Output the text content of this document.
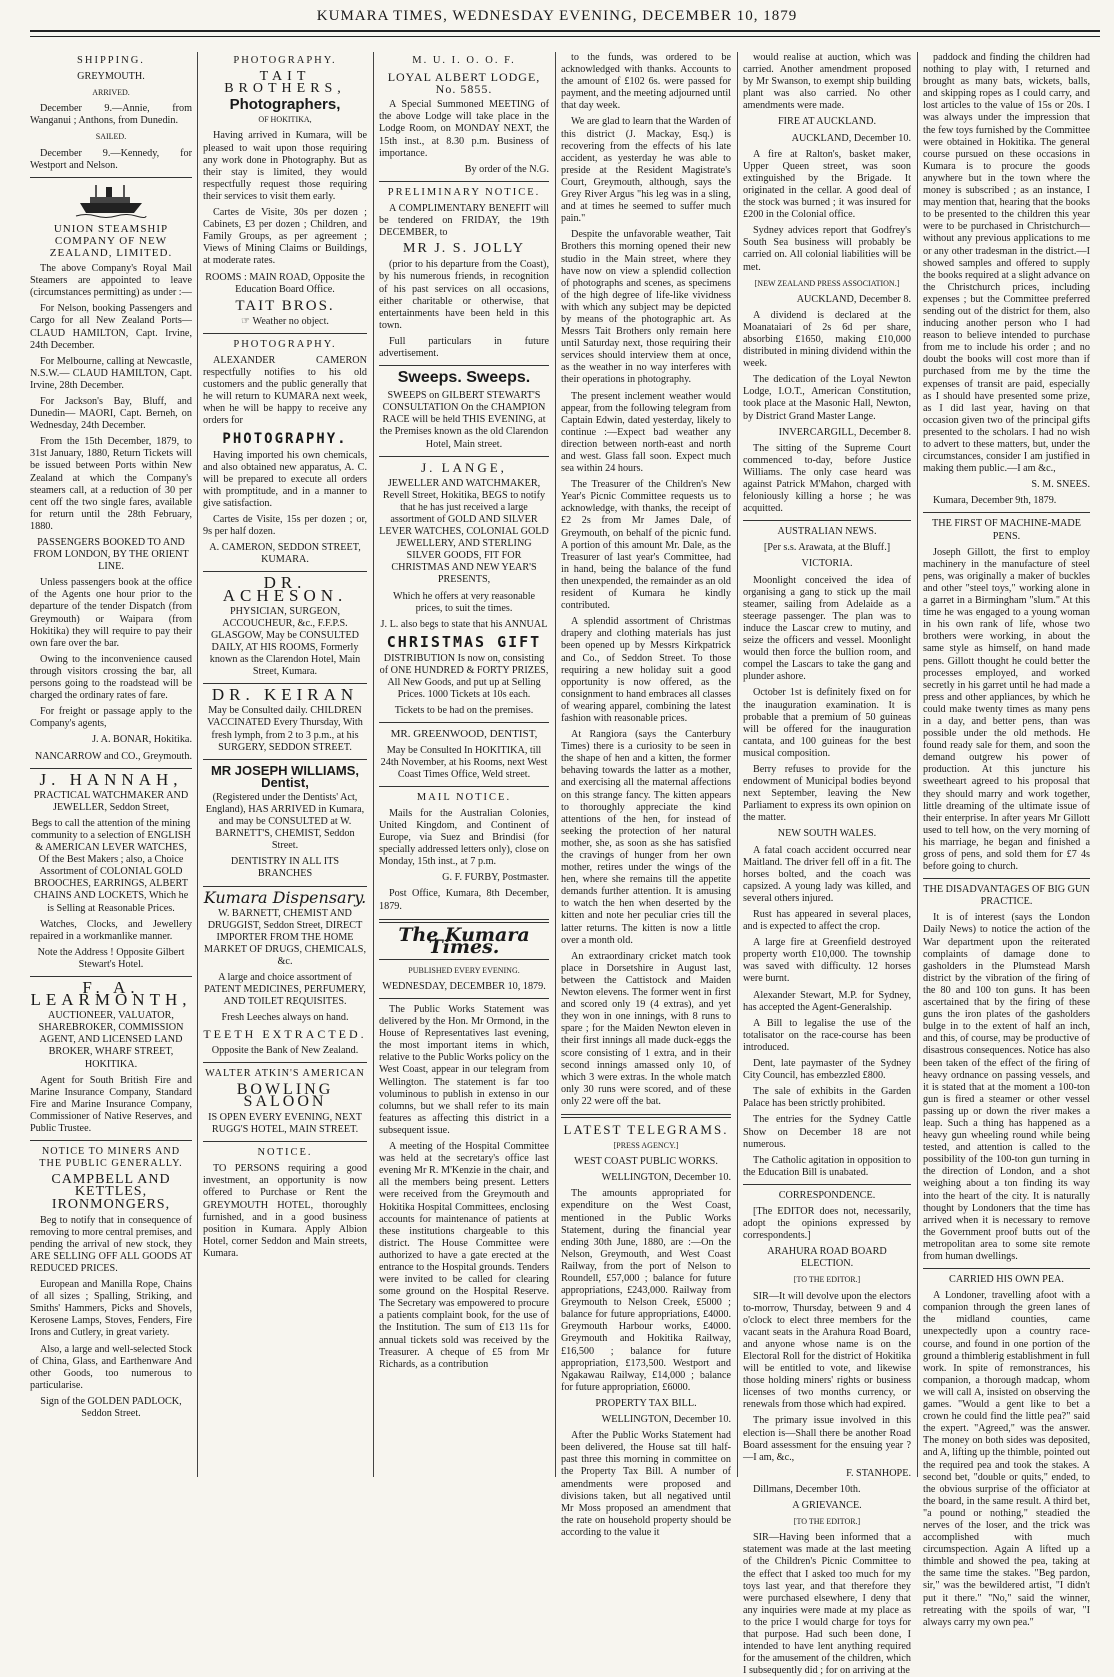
KUMARA TIMES, WEDNESDAY EVENING, DECEMBER 10, 1879
SHIPPING.

GREYMOUTH.

ARRIVED.

December 9.—Annie, from Wanganui ; Anthons, from Dunedin.

SAILED.

December 9.—Kennedy, for Westport and Nelson.

UNION STEAMSHIP COMPANY OF NEW ZEALAND, LIMITED.

The above Company's Royal Mail Steamers are appointed to leave (circumstances permitting) as under :—

For Nelson, booking Passengers and Cargo for all New Zealand Ports— CLAUD HAMILTON, Capt. Irvine, 24th December.

For Melbourne, calling at Newcastle, N.S.W.— CLAUD HAMILTON, Capt. Irvine, 28th December.

For Jackson's Bay, Bluff, and Dunedin— MAORI, Capt. Berneh, on Wednesday, 24th December.

From the 15th December, 1879, to 31st January, 1880, Return Tickets will be issued between Ports within New Zealand at which the Company's steamers call, at a reduction of 30 per cent off the two single fares, available for return until the 28th February, 1880.

PASSENGERS BOOKED TO AND FROM LONDON, BY THE ORIENT LINE.

Unless passengers book at the office of the Agents one hour prior to the departure of the tender Dispatch (from Greymouth) or Waipara (from Hokitika) they will require to pay their own fare over the bar.

Owing to the inconvenience caused through visitors crossing the bar, all persons going to the roadstead will be charged the ordinary rates of fare.

For freight or passage apply to the Company's agents,

J. A. BONAR, Hokitika.

NANCARROW and CO., Greymouth.

J. HANNAH,

PRACTICAL WATCHMAKER AND JEWELLER, Seddon Street,

Begs to call the attention of the mining community to a selection of ENGLISH & AMERICAN LEVER WATCHES, Of the Best Makers ; also, a Choice Assortment of COLONIAL GOLD BROOCHES, EARRINGS, ALBERT CHAINS AND LOCKETS, Which he is Selling at Reasonable Prices.

Watches, Clocks, and Jewellery repaired in a workmanlike manner.

Note the Address ! Opposite Gilbert Stewart's Hotel.

F. A. LEARMONTH,

AUCTIONEER, VALUATOR, SHAREBROKER, COMMISSION AGENT, AND LICENSED LAND BROKER, WHARF STREET, HOKITIKA.

Agent for South British Fire and Marine Insurance Company, Standard Fire and Marine Insurance Company, Commissioner of Native Reserves, and Public Trustee.

NOTICE TO MINERS AND THE PUBLIC GENERALLY.

CAMPBELL AND KETTLES, IRONMONGERS,

Beg to notify that in consequence of removing to more central premises, and pending the arrival of new stock, they ARE SELLING OFF ALL GOODS AT REDUCED PRICES.

European and Manilla Rope, Chains of all sizes ; Spalling, Striking, and Smiths' Hammers, Picks and Shovels, Kerosene Lamps, Stoves, Fenders, Fire Irons and Cutlery, in great variety.

Also, a large and well-selected Stock of China, Glass, and Earthenware And other Goods, too numerous to particularise.

Sign of the GOLDEN PADLOCK, Seddon Street.

PHOTOGRAPHY.
TAIT BROTHERS,
Photographers,

OF HOKITIKA,

Having arrived in Kumara, will be pleased to wait upon those requiring any work done in Photography. But as their stay is limited, they would respectfully request those requiring their services to visit them early.

Cartes de Visite, 30s per dozen ; Cabinets, £3 per dozen ; Children, and Family Groups, as per agreement ; Views of Mining Claims or Buildings, at moderate rates.

ROOMS : MAIN ROAD, Opposite the Education Board Office.

TAIT BROS.

☞ Weather no object.

PHOTOGRAPHY.

ALEXANDER CAMERON respectfully notifies to his old customers and the public generally that he will return to KUMARA next week, when he will be happy to receive any orders for

PHOTOGRAPHY.

Having imported his own chemicals, and also obtained new apparatus, A. C. will be prepared to execute all orders with promptitude, and in a manner to give satisfaction.

Cartes de Visite, 15s per dozen ; or, 9s per half dozen.

A. CAMERON, SEDDON STREET, KUMARA.

DR. ACHESON.

PHYSICIAN, SURGEON, ACCOUCHEUR, &c., F.F.P.S. GLASGOW, May be CONSULTED DAILY, AT HIS ROOMS, Formerly known as the Clarendon Hotel, Main Street, Kumara.

DR. KEIRAN

May be Consulted daily. CHILDREN VACCINATED Every Thursday, With fresh lymph, from 2 to 3 p.m., at his SURGERY, SEDDON STREET.

MR JOSEPH WILLIAMS, Dentist,

(Registered under the Dentists' Act, England), HAS ARRIVED in Kumara, and may be CONSULTED at W. BARNETT'S, CHEMIST, Seddon Street.

DENTISTRY IN ALL ITS BRANCHES

Kumara Dispensary.

W. BARNETT, CHEMIST AND DRUGGIST, Seddon Street, DIRECT IMPORTER FROM THE HOME MARKET OF DRUGS, CHEMICALS, &c.

A large and choice assortment of PATENT MEDICINES, PERFUMERY, AND TOILET REQUISITES.

Fresh Leeches always on hand.

TEETH EXTRACTED.

Opposite the Bank of New Zealand.

WALTER ATKIN'S AMERICAN

BOWLING SALOON

IS OPEN EVERY EVENING, NEXT RUGG'S HOTEL, MAIN STREET.

NOTICE.

TO PERSONS requiring a good investment, an opportunity is now offered to Purchase or Rent the GREYMOUTH HOTEL, thoroughly furnished, and in a good business position in Kumara. Apply Albion Hotel, corner Seddon and Main streets, Kumara.

M. U. I. O. O. F.

LOYAL ALBERT LODGE, No. 5855.

A Special Summoned MEETING of the above Lodge will take place in the Lodge Room, on MONDAY NEXT, the 15th inst., at 8.30 p.m. Business of importance.

By order of the N.G.

PRELIMINARY NOTICE.

A COMPLIMENTARY BENEFIT will be tendered on FRIDAY, the 19th DECEMBER, to

MR J. S. JOLLY

(prior to his departure from the Coast), by his numerous friends, in recognition of his past services on all occasions, either charitable or otherwise, that entertainments have been held in this town.

Full particulars in future advertisement.

Sweeps. Sweeps.

SWEEPS on GILBERT STEWART'S CONSULTATION On the CHAMPION RACE will be held THIS EVENING, at the Premises known as the old Clarendon Hotel, Main street.

J. LANGE,

JEWELLER AND WATCHMAKER, Revell Street, Hokitika, BEGS to notify that he has just received a large assortment of GOLD AND SILVER LEVER WATCHES, COLONIAL GOLD JEWELLERY, AND STERLING SILVER GOODS, FIT FOR CHRISTMAS AND NEW YEAR'S PRESENTS,

Which he offers at very reasonable prices, to suit the times.

J. L. also begs to state that his ANNUAL

CHRISTMAS GIFT

DISTRIBUTION Is now on, consisting of ONE HUNDRED & FORTY PRIZES, All New Goods, and put up at Selling Prices. 1000 Tickets at 10s each.

Tickets to be had on the premises.

MR. GREENWOOD, DENTIST,

May be Consulted In HOKITIKA, till 24th November, at his Rooms, next West Coast Times Office, Weld street.

MAIL NOTICE.

Mails for the Australian Colonies, United Kingdom, and Continent of Europe, via Suez and Brindisi (for specially addressed letters only), close on Monday, 15th inst., at 7 p.m.

G. F. FURBY, Postmaster.

Post Office, Kumara, 8th December, 1879.

The Kumara Times.

PUBLISHED EVERY EVENING.

WEDNESDAY, DECEMBER 10, 1879.

The Public Works Statement was delivered by the Hon. Mr Ormond, in the House of Representatives last evening, the most important items in which, relative to the Public Works policy on the West Coast, appear in our telegram from Wellington. The statement is far too voluminous to publish in extenso in our columns, but we shall refer to its main features as affecting this district in a subsequent issue.

A meeting of the Hospital Committee was held at the secretary's office last evening Mr R. M'Kenzie in the chair, and all the members being present. Letters were received from the Greymouth and Hokitika Hospital Committees, enclosing accounts for maintenance of patients at these institutions chargeable to this district. The House Committee were authorized to have a gate erected at the entrance to the Hospital grounds. Tenders were invited to be called for clearing some ground on the Hospital Reserve. The Secretary was empowered to procure a patients complaint book, for the use of the Institution. The sum of £13 11s for annual tickets sold was received by the Treasurer. A cheque of £5 from Mr Richards, as a contribution

to the funds, was ordered to be acknowledged with thanks. Accounts to the amount of £102 6s. were passed for payment, and the meeting adjourned until that day week.

We are glad to learn that the Warden of this district (J. Mackay, Esq.) is recovering from the effects of his late accident, as yesterday he was able to preside at the Resident Magistrate's Court, Greymouth, although, says the Grey River Argus "his leg was in a sling, and at times he seemed to suffer much pain."

Despite the unfavorable weather, Tait Brothers this morning opened their new studio in the Main street, where they have now on view a splendid collection of photographs and scenes, as specimens of the high degree of life-like vividness with which any subject may be depicted by means of the photographic art. As Messrs Tait Brothers only remain here until Saturday next, those requiring their services should interview them at once, as the weather in no way interferes with their operations in photography.

The present inclement weather would appear, from the following telegram from Captain Edwin, dated yesterday, likely to continue :—Expect bad weather any direction between north-east and north and west. Glass fall soon. Expect much sea within 24 hours.

The Treasurer of the Children's New Year's Picnic Committee requests us to acknowledge, with thanks, the receipt of £2 2s from Mr James Dale, of Greymouth, on behalf of the picnic fund. A portion of this amount Mr. Dale, as the Treasurer of last year's Committee, had in hand, being the balance of the fund then unexpended, the remainder as an old resident of Kumara he kindly contributed.

A splendid assortment of Christmas drapery and clothing materials has just been opened up by Messrs Kirkpatrick and Co., of Seddon Street. To those requiring a new holiday suit a good opportunity is now offered, as the consignment to hand embraces all classes of wearing apparel, combining the latest fashion with reasonable prices.

At Rangiora (says the Canterbury Times) there is a curiosity to be seen in the shape of hen and a kitten, the former behaving towards the latter as a mother, and exercising all the maternal affections on this strange fancy. The kitten appears to thoroughly appreciate the kind attentions of the hen, for instead of seeking the protection of her natural mother, she, as soon as she has satisfied the cravings of hunger from her own mother, retires under the wings of the hen, where she remains till the appetite demands further attention. It is amusing to watch the hen when deserted by the kitten and note her peculiar cries till the latter returns. The kitten is now a little over a month old.

An extraordinary cricket match took place in Dorsetshire in August last, between the Cattistock and Maiden Newton elevens. The former went in first and scored only 19 (4 extras), and yet they won in one innings, with 8 runs to spare ; for the Maiden Newton eleven in their first innings all made duck-eggs the score consisting of 1 extra, and in their second innings amassed only 10, of which 3 were extras. In the whole match only 30 runs were scored, and of these only 22 were off the bat.

LATEST TELEGRAMS.

[PRESS AGENCY.]

WEST COAST PUBLIC WORKS.

WELLINGTON, December 10.

The amounts appropriated for expenditure on the West Coast, mentioned in the Public Works Statement, during the financial year ending 30th June, 1880, are :—On the Nelson, Greymouth, and West Coast Railway, from the port of Nelson to Roundell, £57,000 ; balance for future appropriations, £243,000. Railway from Greymouth to Nelson Creek, £5000 ; balance for future appropriations, £4000. Greymouth Harbour works, £4000. Greymouth and Hokitika Railway, £16,500 ; balance for future appropriation, £173,500. Westport and Ngakawau Railway, £14,000 ; balance for future appropriation, £6000.

PROPERTY TAX BILL.

WELLINGTON, December 10.

After the Public Works Statement had been delivered, the House sat till half-past three this morning in committee on the Property Tax Bill. A number of amendments were proposed and divisions taken, but all negatived until Mr Moss proposed an amendment that the rate on household property should be according to the value it

would realise at auction, which was carried. Another amendment proposed by Mr Swanson, to exempt ship building plant was also carried. No other amendments were made.

FIRE AT AUCKLAND.

AUCKLAND, December 10.

A fire at Ralton's, basket maker, Upper Queen street, was soon extinguished by the Brigade. It originated in the cellar. A good deal of the stock was burned ; it was insured for £200 in the Colonial office.

Sydney advices report that Godfrey's South Sea business will probably be carried on. All colonial liabilities will be met.

[NEW ZEALAND PRESS ASSOCIATION.]

AUCKLAND, December 8.

A dividend is declared at the Moanataiari of 2s 6d per share, absorbing £1650, making £10,000 distributed in mining dividend within the week.

The dedication of the Loyal Newton Lodge, I.O.T., American Constitution, took place at the Masonic Hall, Newton, by District Grand Master Lange.

INVERCARGILL, December 8.

The sitting of the Supreme Court commenced to-day, before Justice Williams. The only case heard was against Patrick M'Mahon, charged with feloniously killing a horse ; he was acquitted.

AUSTRALIAN NEWS.

[Per s.s. Arawata, at the Bluff.]

VICTORIA.

Moonlight conceived the idea of organising a gang to stick up the mail steamer, sailing from Adelaide as a steerage passenger. The plan was to induce the Lascar crew to mutiny, and seize the officers and vessel. Moonlight would then force the bullion room, and compel the Lascars to take the gang and plunder ashore.

October 1st is definitely fixed on for the inauguration examination. It is probable that a premium of 50 guineas will be offered for the inauguration cantata, and 100 guineas for the best musical composition.

Berry refuses to provide for the endowment of Municipal bodies beyond next September, leaving the New Parliament to express its own opinion on the matter.

NEW SOUTH WALES.

A fatal coach accident occurred near Maitland. The driver fell off in a fit. The horses bolted, and the coach was capsized. A young lady was killed, and several others injured.

Rust has appeared in several places, and is expected to affect the crop.

A large fire at Greenfield destroyed property worth £10,000. The township was saved with difficulty. 12 horses were burnt.

Alexander Stewart, M.P. for Sydney, has accepted the Agent-Generalship.

A Bill to legalise the use of the totalisator on the race-course has been introduced.

Dent, late paymaster of the Sydney City Council, has embezzled £800.

The sale of exhibits in the Garden Palace has been strictly prohibited.

The entries for the Sydney Cattle Show on December 18 are not numerous.

The Catholic agitation in opposition to the Education Bill is unabated.

CORRESPONDENCE.

[The EDITOR does not, necessarily, adopt the opinions expressed by correspondents.]

ARAHURA ROAD BOARD ELECTION.

[TO THE EDITOR.]

SIR—It will devolve upon the electors to-morrow, Thursday, between 9 and 4 o'clock to elect three members for the vacant seats in the Arahura Road Board, and anyone whose name is on the Electoral Roll for the district of Hokitika will be entitled to vote, and likewise those holding miners' rights or business licenses of two months currency, or renewals from those which had expired.

The primary issue involved in this election is—Shall there be another Road Board assessment for the ensuing year ?—I am, &c.,

F. STANHOPE.

Dillmans, December 10th.

A GRIEVANCE.

[TO THE EDITOR.]

SIR—Having been informed that a statement was made at the last meeting of the Children's Picnic Committee to the effect that I asked too much for my toys last year, and that therefore they were purchased elsewhere, I deny that any inquiries were made at my place as to the price I would charge for toys for that purpose. Had such been done, I intended to have lent anything required for the amusement of the children, which I subsequently did ; for on arriving at the

paddock and finding the children had nothing to play with, I returned and brought as many bats, wickets, balls, and skipping ropes as I could carry, and lost articles to the value of 15s or 20s. I was always under the impression that the few toys furnished by the Committee were obtained in Hokitika. The general course pursued on these occasions in Kumara is to procure the goods anywhere but in the town where the money is subscribed ; as an instance, I may mention that, hearing that the books to be presented to the children this year were to be purchased in Christchurch—without any previous applications to me or any other tradesman in the district.—I showed samples and offered to supply the books required at a slight advance on the Christchurch prices, including expenses ; but the Committee preferred sending out of the district for them, also inducing another person who I had reason to believe intended to purchase from me to include his order ; and no doubt the books will cost more than if purchased from me by the time the expenses of transit are paid, especially as I should have presented some prize, as I did last year, having on that occasion given two of the principal gifts presented to the scholars. I had no wish to advert to these matters, but, under the circumstances, consider I am justified in making them public.—I am &c.,

S. M. SNEES.

Kumara, December 9th, 1879.

THE FIRST OF MACHINE-MADE PENS.

Joseph Gillott, the first to employ machinery in the manufacture of steel pens, was originally a maker of buckles and other "steel toys," working alone in a garret in a Birmingham "slum." At this time he was engaged to a young woman in his own rank of life, whose two brothers were working, in about the same style as himself, on hand made pens. Gillott thought he could better the processes employed, and worked secretly in his garret until he had made a press and other appliances, by which he could make twenty times as many pens in a day, and better pens, than was possible under the old methods. He found ready sale for them, and soon the demand outgrew his power of production. At this juncture his sweetheart agreed to his proposal that they should marry and work together, little dreaming of the ultimate issue of their enterprise. In after years Mr Gillott used to tell how, on the very morning of his marriage, he began and finished a gross of pens, and sold them for £7 4s before going to church.

THE DISADVANTAGES OF BIG GUN PRACTICE.

It is of interest (says the London Daily News) to notice the action of the War department upon the reiterated complaints of damage done to gasholders in the Plumstead Marsh district by the vibration of the firing of the 80 and 100 ton guns. It has been ascertained that by the firing of these guns the iron plates of the gasholders bulge in to the extent of half an inch, and this, of course, may be productive of disastrous consequences. Notice has also been taken of the effect of the firing of heavy ordnance on passing vessels, and it is stated that at the moment a 100-ton gun is fired a steamer or other vessel passing up or down the river makes a leap. Such a thing has happened as a heavy gun wheeling round while being tested, and attention is called to the possibility of the 100-ton gun turning in the direction of London, and a shot weighing about a ton finding its way into the heart of the city. It is naturally thought by Londoners that the time has arrived when it is necessary to remove the Government proof butts out of the metropolitan area to some site remote from human dwellings.

CARRIED HIS OWN PEA.

A Londoner, travelling afoot with a companion through the green lanes of the midland counties, came unexpectedly upon a country race-course, and found in one portion of the ground a thimblerig establishment in full work. In spite of remonstrances, his companion, a thorough madcap, whom we will call A, insisted on observing the games. "Would a gent like to bet a crown he could find the little pea?" said the expert. "Agreed," was the answer. The money on both sides was deposited, and A, lifting up the thimble, pointed out the required pea and took the stakes. A second bet, "double or quits," ended, to the obvious surprise of the officiator at the board, in the same result. A third bet, "a pound or nothing," steadied the nerves of the loser, and the trick was accomplished with much circumspection. Again A lifted up a thimble and showed the pea, taking at the same time the stakes. "Beg pardon, sir," was the bewildered artist, "I didn't put it there." "No," said the winner, retreating with the spoils of war, "I always carry my own pea."
